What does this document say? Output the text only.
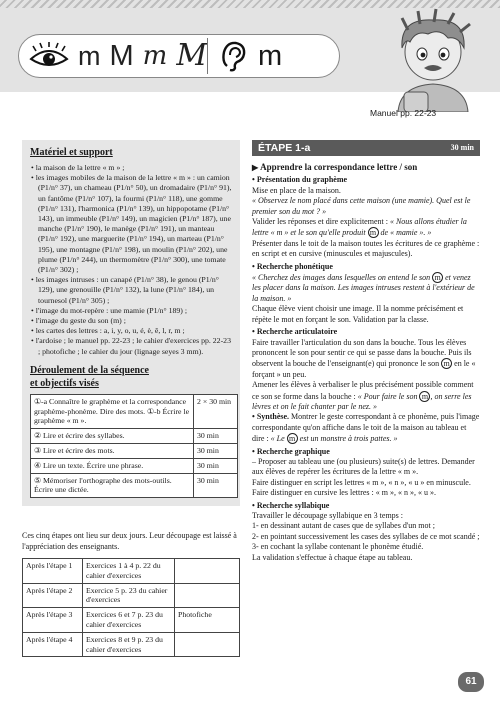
m M m M m
Manuel pp. 22-23
Matériel et support
• la maison de la lettre « m » ;
• les images mobiles de la maison de la lettre « m » : un camion (P1/n° 37), un chameau (P1/n° 50), un dromadaire (P1/n° 91), un fantôme (P1/n° 107), la fourmi (P1/n° 118), une gomme (P1/n° 131), l'harmonica (P1/n° 139), un hippopotame (P1/n° 143), un immeuble (P1/n° 149), un magicien (P1/n° 187), une manche (P1/n° 190), le manège (P1/n° 191), un manteau (P1/n° 192), une marguerite (P1/n° 194), un marteau (P1/n° 195), une montagne (P1/n° 198), un moulin (P1/n° 202), une plume (P1/n° 244), un thermomètre (P1/n° 300), une tomate (P1/n° 302) ;
• les images intruses : un canapé (P1/n° 38), le genou (P1/n° 129), une grenouille (P1/n° 132), la lune (P1/n° 184), un tournesol (P1/n° 305) ;
• l'image du mot-repère : une mamie (P1/n° 189) ;
• l'image du geste du son (m) ;
• les cartes des lettres : a, i, y, o, u, é, è, ê, l, r, m ;
• l'ardoise ; le manuel pp. 22-23 ; le cahier d'exercices pp. 22-23 ; photofiche ; le cahier du jour (lignage seyes 3 mm).
Déroulement de la séquence
et objectifs visés
①-a Connaître le graphème et la correspondance graphème-phonème. Dire des mots. ①-b Écrire le graphème « m ».	2 × 30 min
② Lire et écrire des syllabes.	30 min
③ Lire et écrire des mots.	30 min
④ Lire un texte. Écrire une phrase.	30 min
⑤ Mémoriser l'orthographe des mots-outils. Écrire une dictée.	30 min
Ces cinq étapes ont lieu sur deux jours. Leur découpage est laissé à l'appréciation des enseignants.
Après l'étape 1	Exercices 1 à 4 p. 22 du cahier d'exercices	
Après l'étape 2	Exercice 5 p. 23 du cahier d'exercices	
Après l'étape 3	Exercices 6 et 7 p. 23 du cahier d'exercices	Photofiche
Après l'étape 4	Exercices 8 et 9 p. 23 du cahier d'exercices	
ÉTAPE 1-a	30 min
▶ Apprendre la correspondance lettre / son
• Présentation du graphème
Mise en place de la maison.
« Observez le nom placé dans cette maison (une mamie). Quel est le premier son du mot ? »
Valider les réponses et dire explicitement : « Nous allons étudier la lettre « m » et le son qu'elle produit m de « mamie ». »
Présenter dans le toit de la maison toutes les écritures de ce graphème : en script et en cursive (minuscules et majuscules).
• Recherche phonétique
« Cherchez des images dans lesquelles on entend le son m et venez les placer dans la maison. Les images intruses restent à l'extérieur de la maison. »
Chaque élève vient choisir une image. Il la nomme précisément et répète le mot en forçant le son. Validation par la classe.
• Recherche articulatoire
Faire travailler l'articulation du son dans la bouche. Tous les élèves prononcent le son pour sentir ce qui se passe dans la bouche. Puis ils observent la bouche de l'enseignant(e) qui prononce le son m en le « forçant » un peu.
Amener les élèves à verbaliser le plus précisément possible comment ce son se forme dans la bouche : « Pour faire le son m , on serre les lèvres et on le fait chanter par le nez. »
• Synthèse. Montrer le geste correspondant à ce phonème, puis l'image correspondante qu'on affiche dans le toit de la maison au tableau et dire : « Le m est un monstre à trois pattes. »
• Recherche graphique
– Proposer au tableau une (ou plusieurs) suite(s) de lettres. Demander aux élèves de repérer les écritures de la lettre « m ».
Faire distinguer en script les lettres « m », « n », « u » en minuscule.
Faire distinguer en cursive les lettres : « m », « n », « u ».
• Recherche syllabique
Travailler le découpage syllabique en 3 temps :
1- en dessinant autant de cases que de syllabes d'un mot ;
2- en pointant successivement les cases des syllabes de ce mot scandé ;
3- en cochant la syllabe contenant le phonème étudié.
La validation s'effectue à chaque étape au tableau.
61
